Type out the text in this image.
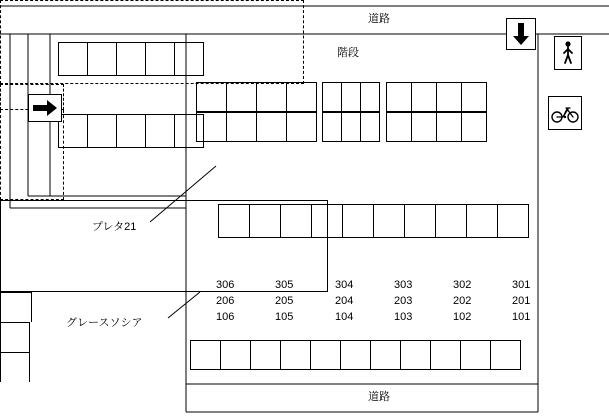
道路
プレタ21
階段
グレースソシア
306	305	304	303	302	301
206	205	204	203	202	201
106	105	104	103	102	101
道路
